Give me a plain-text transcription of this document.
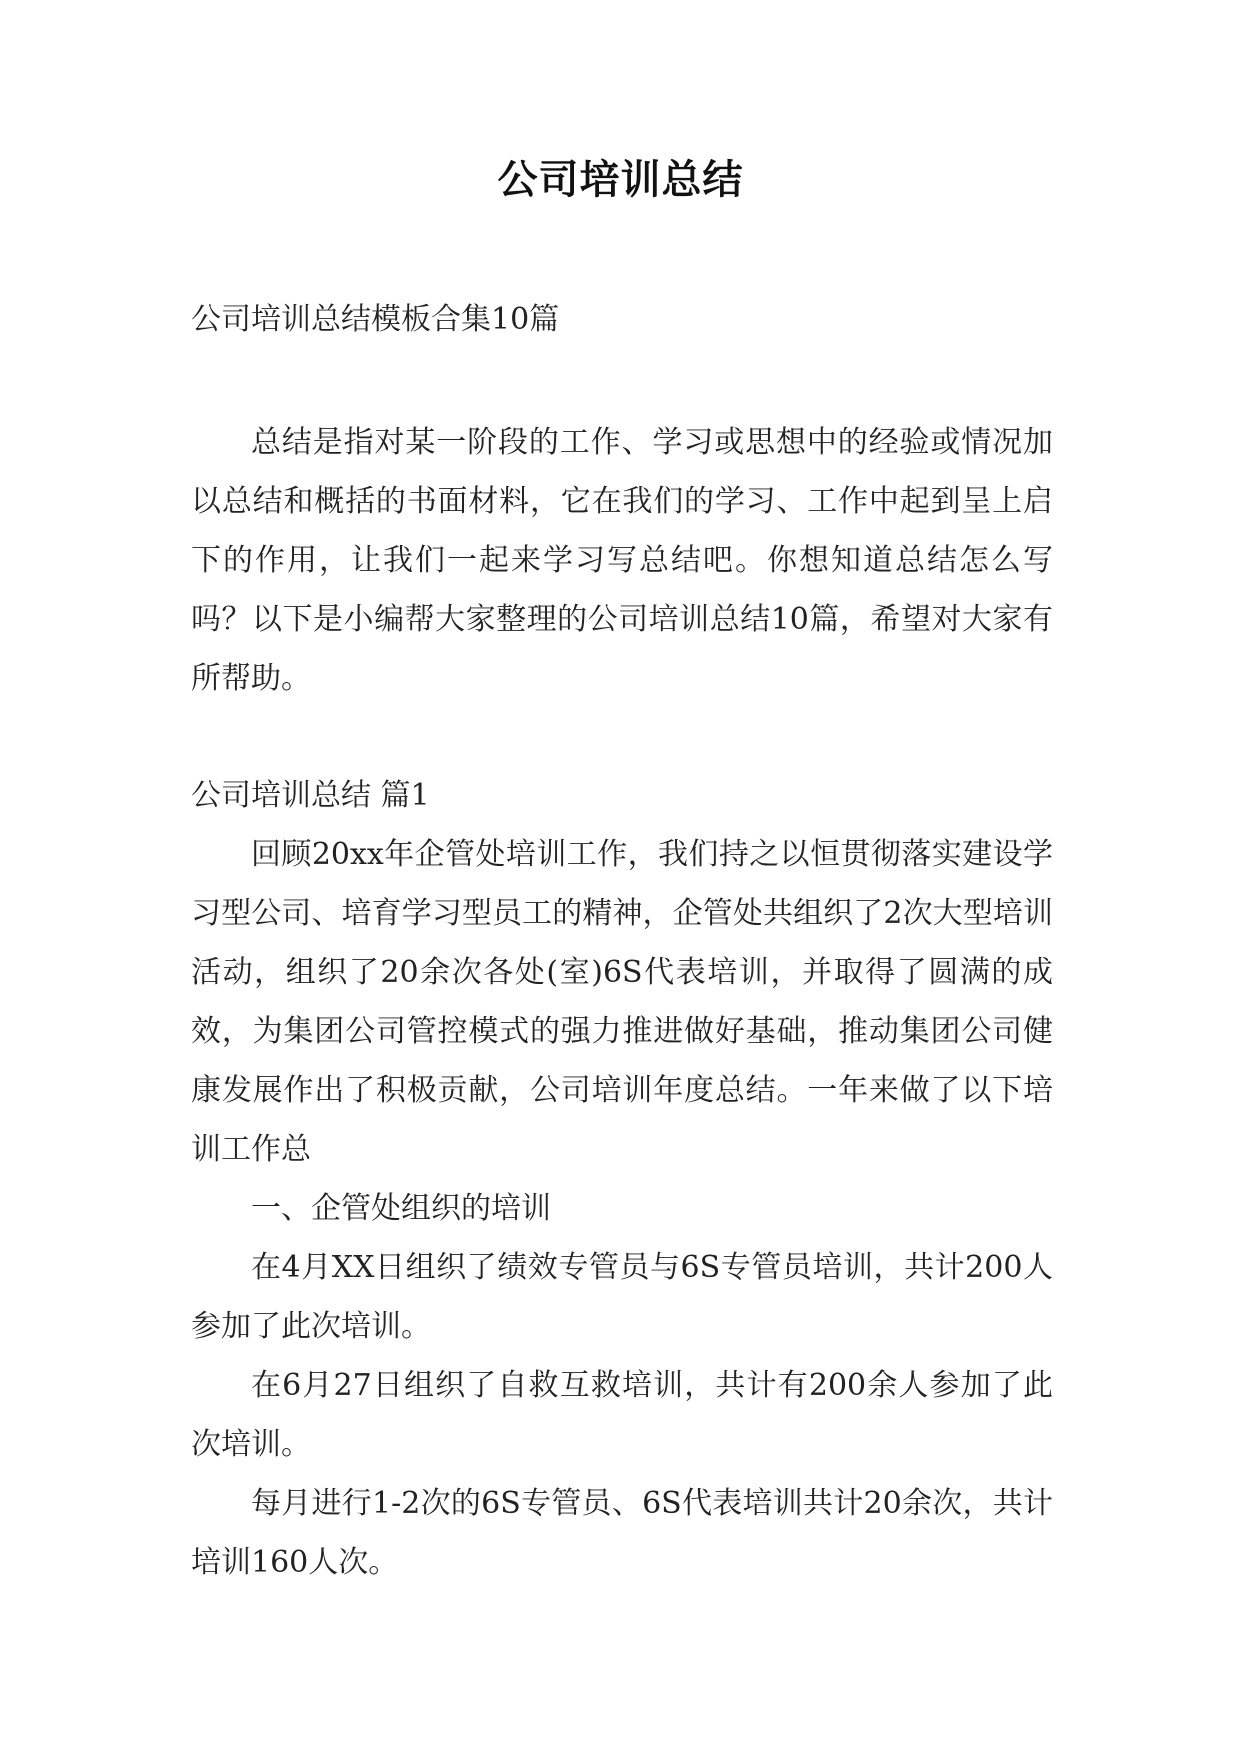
公司培训总结

公司培训总结模板合集10篇

总结是指对某一阶段的工作、学习或思想中的经验或情况加以总结和概括的书面材料，它在我们的学习、工作中起到呈上启下的作用，让我们一起来学习写总结吧。你想知道总结怎么写吗？以下是小编帮大家整理的公司培训总结10篇，希望对大家有所帮助。

公司培训总结 篇1

回顾20xx年企管处培训工作，我们持之以恒贯彻落实建设学习型公司、培育学习型员工的精神，企管处共组织了2次大型培训活动，组织了20余次各处(室)6S代表培训，并取得了圆满的成效，为集团公司管控模式的强力推进做好基础，推动集团公司健康发展作出了积极贡献，公司培训年度总结。一年来做了以下培训工作总

一、企管处组织的培训

在4月XX日组织了绩效专管员与6S专管员培训，共计200人参加了此次培训。

在6月27日组织了自救互救培训，共计有200余人参加了此次培训。

每月进行1-2次的6S专管员、6S代表培训共计20余次，共计培训160人次。
